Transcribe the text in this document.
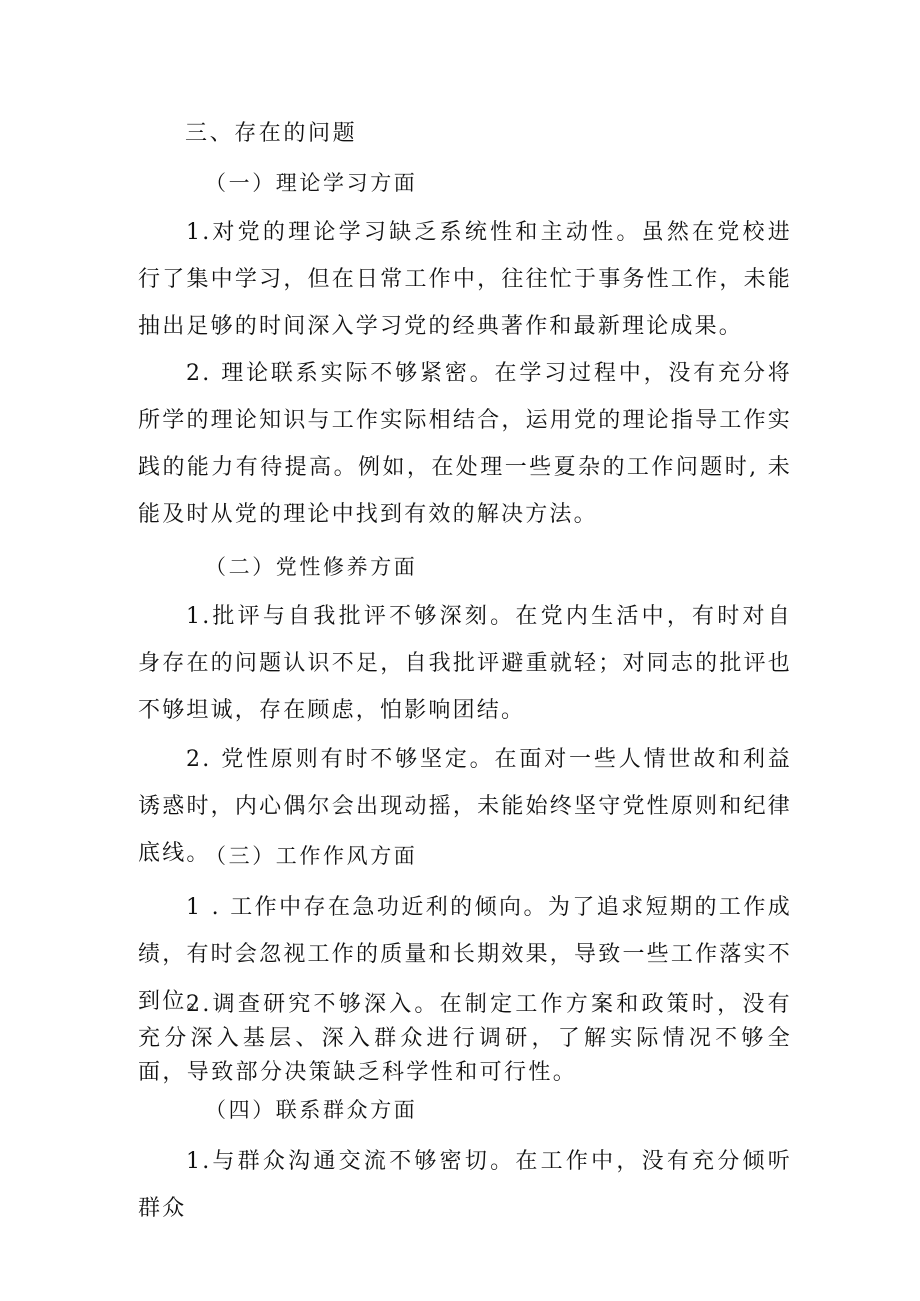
三、存在的问题

（一）理论学习方面

1.对党的理论学习缺乏系统性和主动性。虽然在党校进行了集中学习，但在日常工作中，往往忙于事务性工作，未能抽出足够的时间深入学习党的经典著作和最新理论成果。

2. 理论联系实际不够紧密。在学习过程中，没有充分将所学的理论知识与工作实际相结合，运用党的理论指导工作实践的能力有待提高。例如，在处理一些夏杂的工作问题时, 未能及时从党的理论中找到有效的解决方法。

（二）党性修养方面

1.批评与自我批评不够深刻。在党内生活中，有时对自身存在的问题认识不足，自我批评避重就轻；对同志的批评也不够坦诚，存在顾虑，怕影响团结。

2. 党性原则有时不够坚定。在面对一些人情世故和利益诱惑时，内心偶尔会出现动摇，未能始终坚守党性原则和纪律底线。

（三）工作作风方面

1 . 工作中存在急功近利的倾向。为了追求短期的工作成绩，有时会忽视工作的质量和长期效果，导致一些工作落实不到位。

2.调查研究不够深入。在制定工作方案和政策时，没有充分深入基层、深入群众进行调研，了解实际情况不够全面，导致部分决策缺乏科学性和可行性。

（四）联系群众方面

1.与群众沟通交流不够密切。在工作中，没有充分倾听群众
